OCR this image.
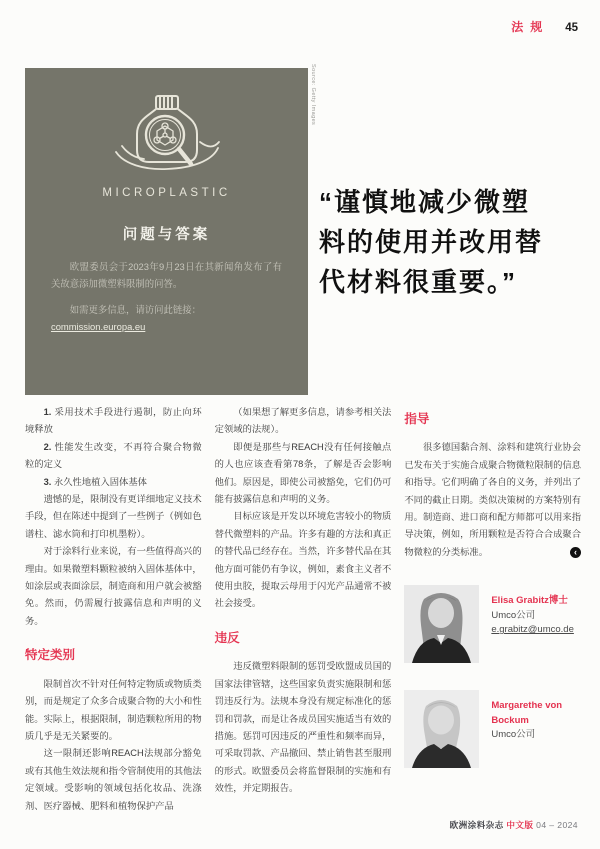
法规 45
MICROPLASTIC
问题与答案
欧盟委员会于2023年9月23日在其新闻角发布了有关故意添加微塑料限制的问答。
如需更多信息，请访问此链接：commission.europa.eu
Source: Getty Images
“谨慎地减少微塑
料的使用并改用替
代材料很重要。”

1. 采用技术手段进行遏制，防止向环境释放

2. 性能发生改变，不再符合聚合物微粒的定义

3. 永久性地植入固体基体

遗憾的是，限制没有更详细地定义技术手段，但在陈述中提到了一些例子（例如色谱柱、滤水筒和打印机墨粉）。

对于涂料行业来说，有一些值得高兴的理由。如果微塑料颗粒被纳入固体基体中，如涂层或表面涂层，制造商和用户就会被豁免。然而，仍需履行披露信息和声明的义务。

特定类别

限制首次不针对任何特定物质或物质类别，而是规定了众多合成聚合物的大小和性能。实际上，根据限制，制造颗粒所用的物质几乎是无关紧要的。

这一限制还影响REACH法规部分豁免或有其他生效法规和指令管制使用的其他法定领域。受影响的领域包括化妆品、洗涤剂、医疗器械、肥料和植物保护产品

（如果想了解更多信息，请参考相关法定领域的法规）。

即便是那些与REACH没有任何接触点的人也应该查看第78条，了解是否会影响他们。原因是，即使公司被豁免，它们仍可能有披露信息和声明的义务。

目标应该是开发以环境危害较小的物质替代微塑料的产品。许多有趣的方法和真正的替代品已经存在。当然，许多替代品在其他方面可能仍有争议，例如，素食主义者不使用虫胶，提取云母用于闪光产品通常不被社会接受。

违反

违反微塑料限制的惩罚受欧盟成员国的国家法律管辖，这些国家负责实施限制和惩罚违反行为。法规本身没有规定标准化的惩罚和罚款，而是让各成员国实施适当有效的措施。惩罚可因违反的严重性和频率而异，可采取罚款、产品撤回、禁止销售甚至服刑的形式。欧盟委员会将监督限制的实施和有效性，并定期报告。

指导

很多德国黏合剂、涂料和建筑行业协会已发布关于实施合成聚合物微粒限制的信息和指导。它们明确了各自的义务，并列出了不同的截止日期。类似决策树的方案特别有用。制造商、进口商和配方师都可以用来指导决策，例如，所用颗粒是否符合合成聚合物微粒的分类标准。	‹
Elisa Grabitz博士
Umco公司
e.grabitz@umco.de
Margarethe von Bockum
Umco公司
欧洲涂料杂志 中文版 04 – 2024
